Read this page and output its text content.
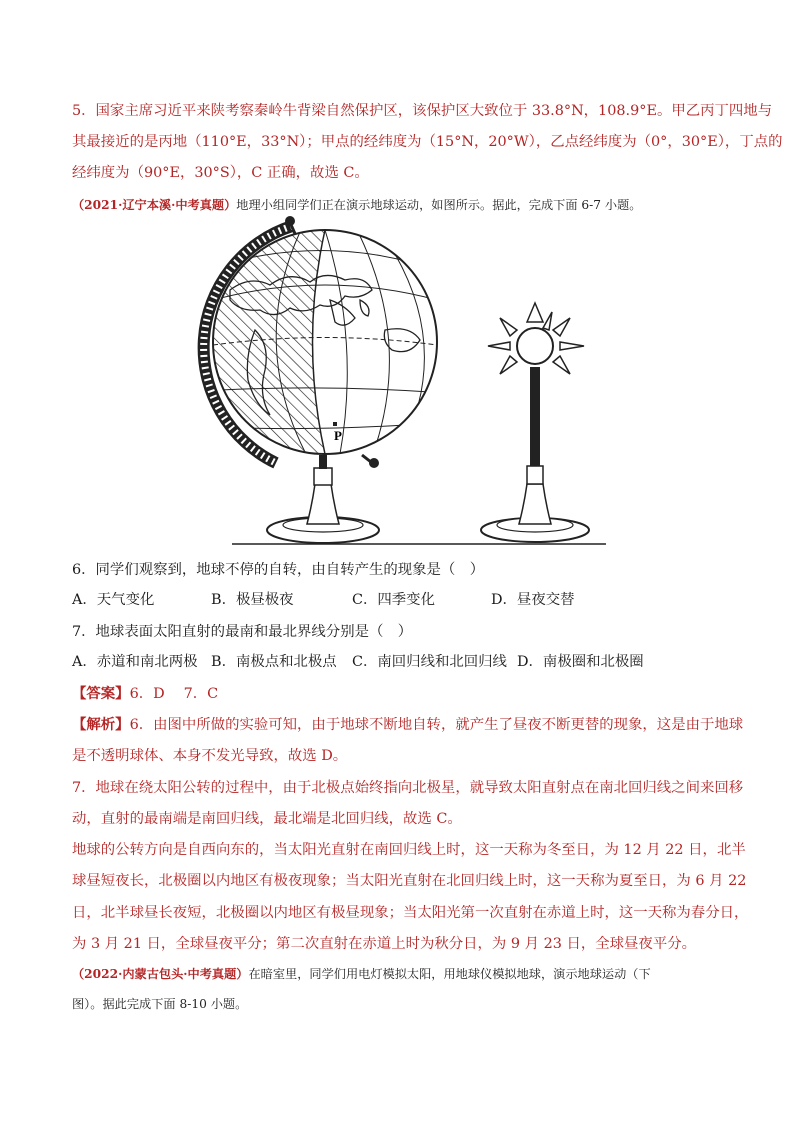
5．国家主席习近平来陕考察秦岭牛背梁自然保护区，该保护区大致位于 33.8°N，108.9°E。甲乙丙丁四地与
其最接近的是丙地（110°E，33°N）；甲点的经纬度为（15°N，20°W），乙点经纬度为（0°，30°E），丁点的
经纬度为（90°E，30°S），C 正确，故选 C。
（2021·辽宁本溪·中考真题）地理小组同学们正在演示地球运动，如图所示。据此，完成下面 6-7 小题。
P
6．同学们观察到，地球不停的自转，由自转产生的现象是（　）
A．天气变化	B．极昼极夜	C．四季变化	D．昼夜交替
7．地球表面太阳直射的最南和最北界线分别是（　）
A．赤道和南北两极 B．南极点和北极点 C．南回归线和北回归线 D．南极圈和北极圈
【答案】6．D　 7．C
【解析】6．由图中所做的实验可知，由于地球不断地自转，就产生了昼夜不断更替的现象，这是由于地球
是不透明球体、本身不发光导致，故选 D。
7．地球在绕太阳公转的过程中，由于北极点始终指向北极星，就导致太阳直射点在南北回归线之间来回移
动，直射的最南端是南回归线，最北端是北回归线，故选 C。
地球的公转方向是自西向东的，当太阳光直射在南回归线上时，这一天称为冬至日，为 12 月 22 日，北半
球昼短夜长，北极圈以内地区有极夜现象；当太阳光直射在北回归线上时，这一天称为夏至日，为 6 月 22
日，北半球昼长夜短，北极圈以内地区有极昼现象；当太阳光第一次直射在赤道上时，这一天称为春分日，
为 3 月 21 日，全球昼夜平分；第二次直射在赤道上时为秋分日，为 9 月 23 日，全球昼夜平分。
（2022·内蒙古包头·中考真题）在暗室里，同学们用电灯模拟太阳，用地球仪模拟地球，演示地球运动（下
图）。据此完成下面 8-10 小题。
